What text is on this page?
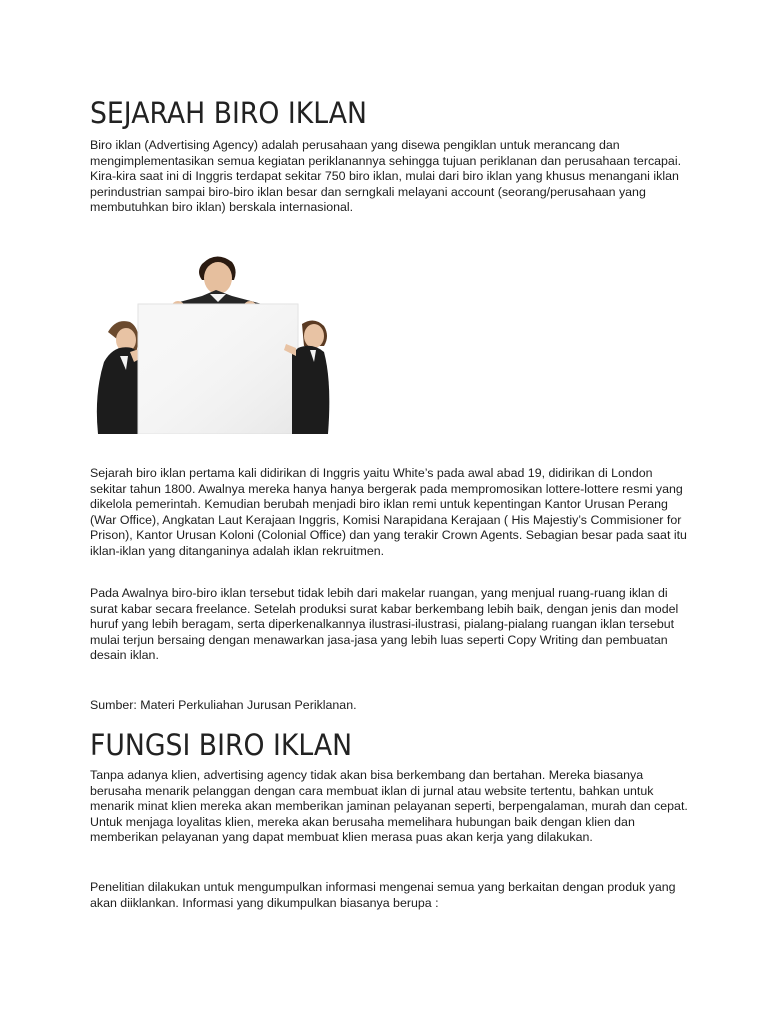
SEJARAH BIRO IKLAN

Biro iklan (Advertising Agency) adalah perusahaan yang disewa pengiklan untuk merancang dan mengimplementasikan semua kegiatan periklanannya sehingga tujuan periklanan dan perusahaan tercapai. Kira-kira saat ini di Inggris terdapat sekitar 750 biro iklan, mulai dari biro iklan yang khusus menangani iklan perindustrian sampai biro-biro iklan besar dan serngkali melayani account (seorang/perusahaan yang membutuhkan biro iklan) berskala internasional.

Sejarah biro iklan pertama kali didirikan di Inggris yaitu White’s pada awal abad 19, didirikan di London sekitar tahun 1800. Awalnya mereka hanya hanya bergerak pada mempromosikan lottere-lottere resmi yang dikelola pemerintah. Kemudian berubah menjadi biro iklan remi untuk kepentingan Kantor Urusan Perang (War Office), Angkatan Laut Kerajaan Inggris, Komisi Narapidana Kerajaan ( His Majestiy’s Commisioner for Prison), Kantor Urusan Koloni (Colonial Office) dan yang terakir Crown Agents. Sebagian besar pada saat itu iklan-iklan yang ditanganinya adalah iklan rekruitmen.

Pada Awalnya biro-biro iklan tersebut tidak lebih dari makelar ruangan, yang menjual ruang-ruang iklan di surat kabar secara freelance. Setelah produksi surat kabar berkembang lebih baik, dengan jenis dan model huruf yang lebih beragam, serta diperkenalkannya ilustrasi-ilustrasi, pialang-pialang ruangan iklan tersebut mulai terjun bersaing dengan menawarkan jasa-jasa yang lebih luas seperti Copy Writing dan pembuatan desain iklan.

Sumber: Materi Perkuliahan Jurusan Periklanan.

FUNGSI BIRO IKLAN

Tanpa adanya klien, advertising agency tidak akan bisa berkembang dan bertahan. Mereka biasanya berusaha menarik pelanggan dengan cara membuat iklan di jurnal atau website tertentu, bahkan untuk menarik minat klien mereka akan memberikan jaminan pelayanan seperti, berpengalaman, murah dan cepat. Untuk menjaga loyalitas klien, mereka akan berusaha memelihara hubungan baik dengan klien dan memberikan pelayanan yang dapat membuat klien merasa puas akan kerja yang dilakukan.

Penelitian dilakukan untuk mengumpulkan informasi mengenai semua yang berkaitan dengan produk yang akan diiklankan. Informasi yang dikumpulkan biasanya berupa :
